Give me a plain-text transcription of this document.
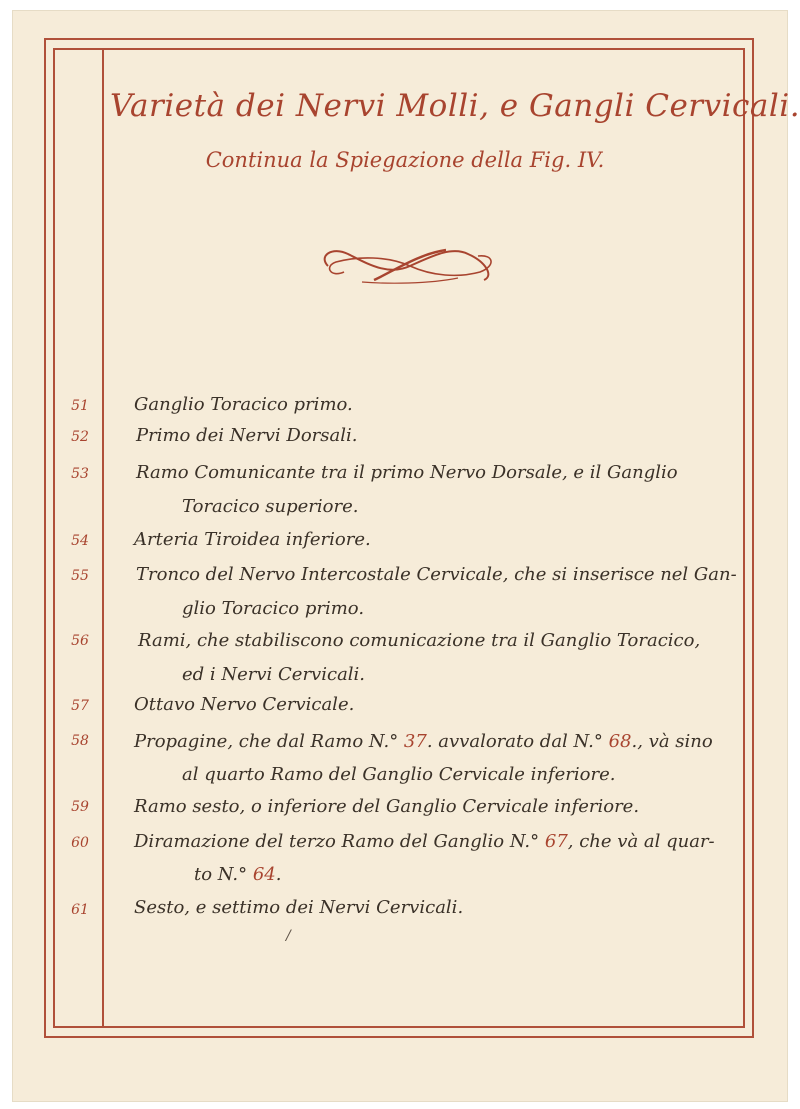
Varietà dei Nervi Molli, e Gangli Cervicali.
Continua la Spiegazione della Fig. IV.
51	Ganglio Toracico primo.
52	Primo dei Nervi Dorsali.
53	Ramo Comunicante tra il primo Nervo Dorsale, e il Ganglio
Toracico superiore.
54	Arteria Tiroidea inferiore.
55	Tronco del Nervo Intercostale Cervicale, che si inserisce nel Gan-
glio Toracico primo.
56	Rami, che stabiliscono comunicazione tra il Ganglio Toracico,
ed i Nervi Cervicali.
57	Ottavo Nervo Cervicale.
58	Propagine, che dal Ramo N.° 37. avvalorato dal N.° 68., và sino
al quarto Ramo del Ganglio Cervicale inferiore.
59	Ramo sesto, o inferiore del Ganglio Cervicale inferiore.
60	Diramazione del terzo Ramo del Ganglio N.° 67, che và al quar-
to N.° 64.
61	Sesto, e settimo dei Nervi Cervicali.
/
